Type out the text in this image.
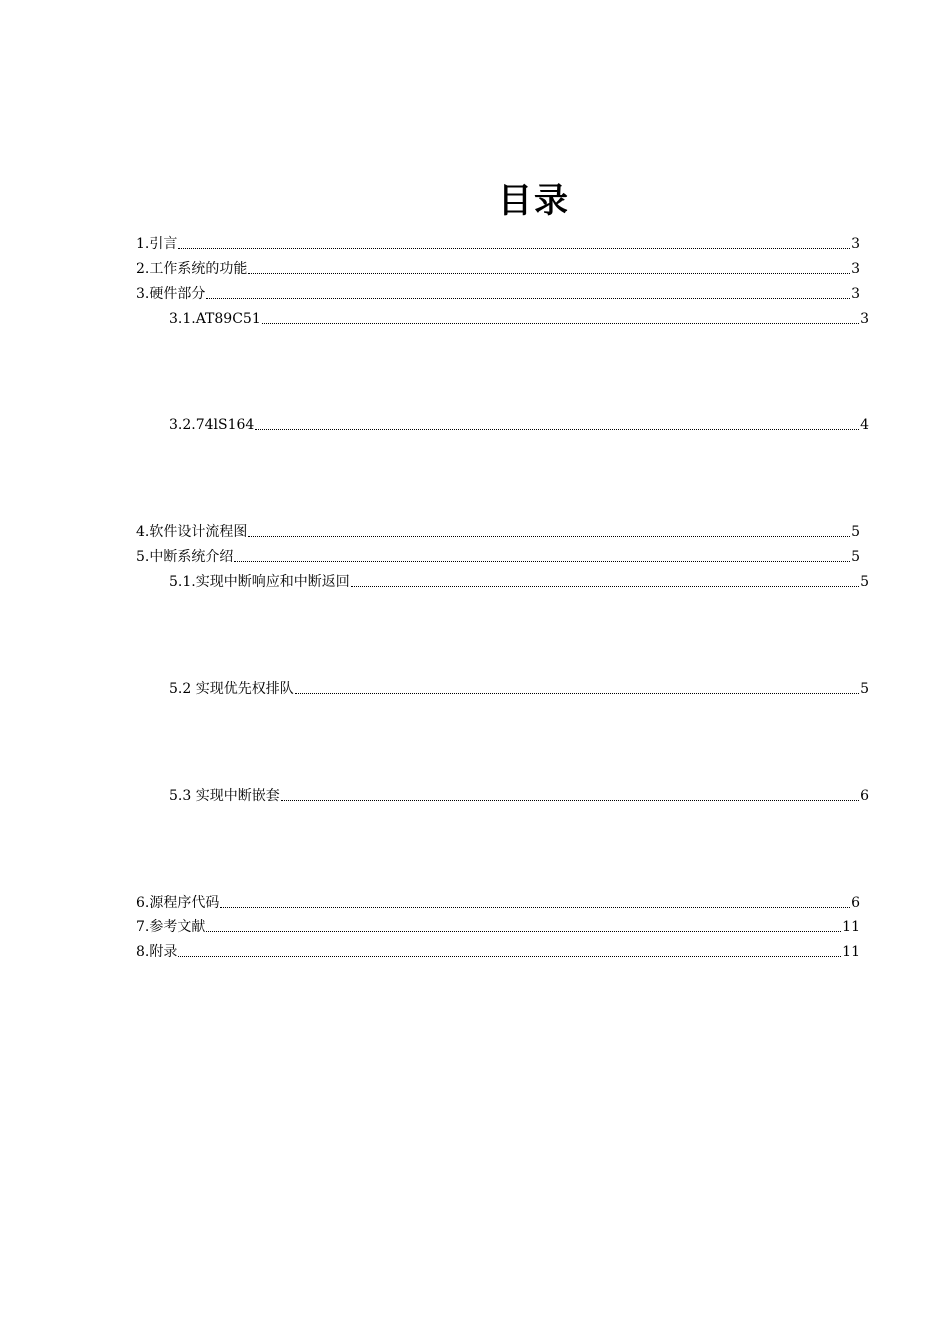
目录
1.引言	3
2.工作系统的功能	3
3.硬件部分	3
3.1.AT89C51	3
3.2.74lS164	4
4.软件设计流程图	5
5.中断系统介绍	5
5.1.实现中断响应和中断返回	5
5.2 实现优先权排队	5
5.3 实现中断嵌套	6
6.源程序代码	6
7.参考文献	11
8.附录	11
